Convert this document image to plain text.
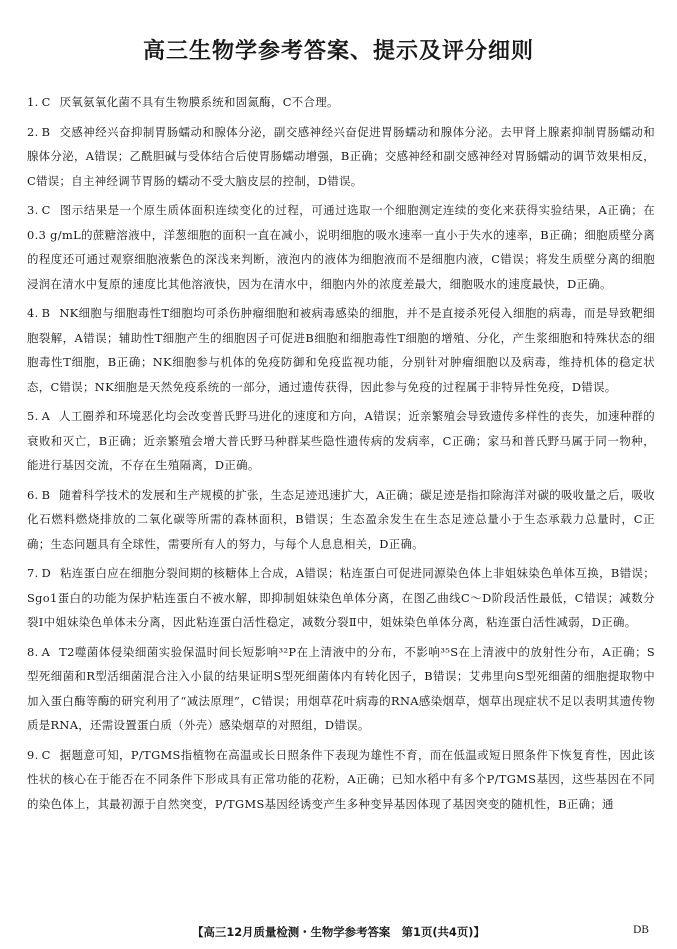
高三生物学参考答案、提示及评分细则
1. C 厌氧氨氧化菌不具有生物膜系统和固氮酶，C不合理。
2. B 交感神经兴奋抑制胃肠蠕动和腺体分泌，副交感神经兴奋促进胃肠蠕动和腺体分泌。去甲肾上腺素抑制胃肠蠕动和腺体分泌，A错误；乙酰胆碱与受体结合后使胃肠蠕动增强，B正确；交感神经和副交感神经对胃肠蠕动的调节效果相反，C错误；自主神经调节胃肠的蠕动不受大脑皮层的控制，D错误。
3. C 图示结果是一个原生质体面积连续变化的过程，可通过选取一个细胞测定连续的变化来获得实验结果，A正确；在0.3 g/mL的蔗糖溶液中，洋葱细胞的面积一直在减小，说明细胞的吸水速率一直小于失水的速率，B正确；细胞质壁分离的程度还可通过观察细胞液紫色的深浅来判断，液泡内的液体为细胞液而不是细胞内液，C错误；将发生质壁分离的细胞浸润在清水中复原的速度比其他溶液快，因为在清水中，细胞内外的浓度差最大，细胞吸水的速度最快，D正确。
4. B NK细胞与细胞毒性T细胞均可杀伤肿瘤细胞和被病毒感染的细胞，并不是直接杀死侵入细胞的病毒，而是导致靶细胞裂解，A错误；辅助性T细胞产生的细胞因子可促进B细胞和细胞毒性T细胞的增殖、分化，产生浆细胞和特殊状态的细胞毒性T细胞，B正确；NK细胞参与机体的免疫防御和免疫监视功能，分别针对肿瘤细胞以及病毒，维持机体的稳定状态，C错误；NK细胞是天然免疫系统的一部分，通过遗传获得，因此参与免疫的过程属于非特异性免疫，D错误。
5. A 人工圈养和环境恶化均会改变普氏野马进化的速度和方向，A错误；近亲繁殖会导致遗传多样性的丧失，加速种群的衰败和灭亡，B正确；近亲繁殖会增大普氏野马种群某些隐性遗传病的发病率，C正确；家马和普氏野马属于同一物种，能进行基因交流，不存在生殖隔离，D正确。
6. B 随着科学技术的发展和生产规模的扩张，生态足迹迅速扩大，A正确；碳足迹是指扣除海洋对碳的吸收量之后，吸收化石燃料燃烧排放的二氧化碳等所需的森林面积，B错误；生态盈余发生在生态足迹总量小于生态承载力总量时，C正确；生态问题具有全球性，需要所有人的努力，与每个人息息相关，D正确。
7. D 粘连蛋白应在细胞分裂间期的核糖体上合成，A错误；粘连蛋白可促进同源染色体上非姐妹染色单体互换，B错误；Sgo1蛋白的功能为保护粘连蛋白不被水解，即抑制姐妹染色单体分离，在图乙曲线C～D阶段活性最低，C错误；减数分裂Ⅰ中姐妹染色单体未分离，因此粘连蛋白活性稳定，减数分裂Ⅱ中，姐妹染色单体分离，粘连蛋白活性减弱，D正确。
8. A T2噬菌体侵染细菌实验保温时间长短影响³²P在上清液中的分布，不影响³⁵S在上清液中的放射性分布，A正确；S型死细菌和R型活细菌混合注入小鼠的结果证明S型死细菌体内有转化因子，B错误；艾弗里向S型死细菌的细胞提取物中加入蛋白酶等酶的研究利用了“减法原理”，C错误；用烟草花叶病毒的RNA感染烟草，烟草出现症状不足以表明其遗传物质是RNA，还需设置蛋白质（外壳）感染烟草的对照组，D错误。
9. C 据题意可知，P/TGMS指植物在高温或长日照条件下表现为雄性不育，而在低温或短日照条件下恢复育性，因此该性状的核心在于能否在不同条件下形成具有正常功能的花粉，A正确；已知水稻中有多个P/TGMS基因，这些基因在不同的染色体上，其最初源于自然突变，P/TGMS基因经诱变产生多种变异基因体现了基因突变的随机性，B正确；通
【高三12月质量检测・生物学参考答案　第1页(共4页)】	DB
